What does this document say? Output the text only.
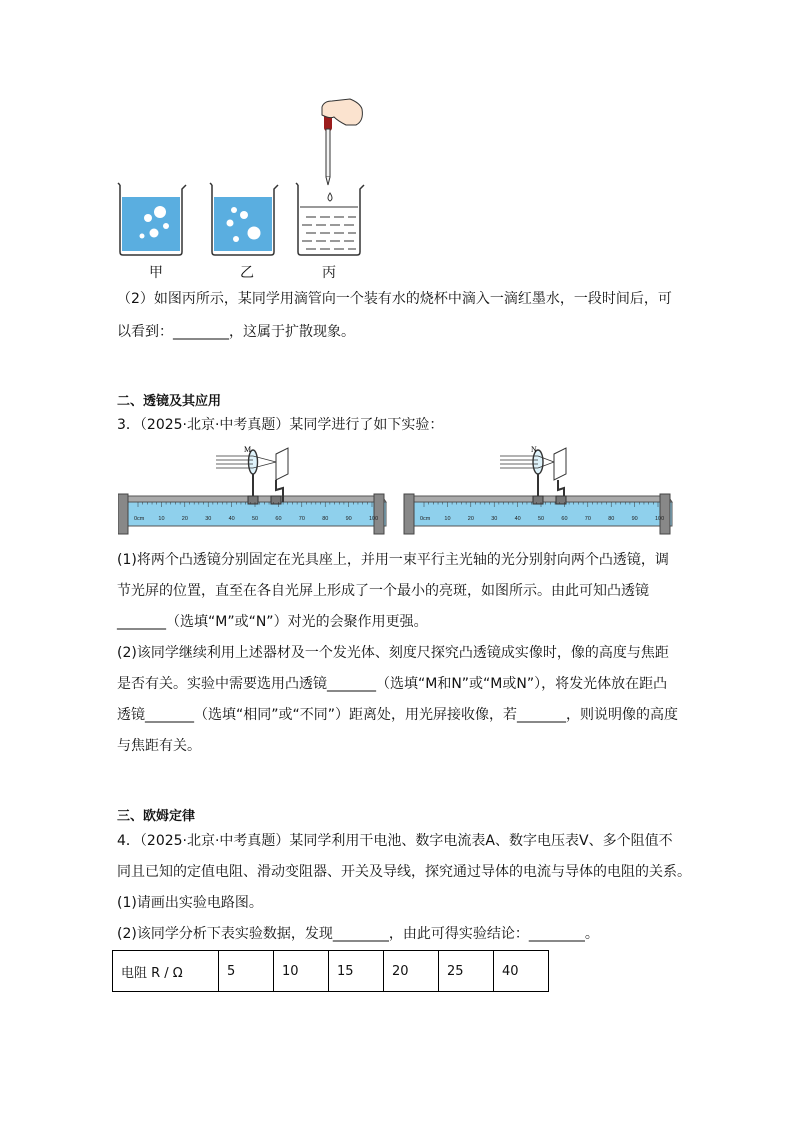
甲	乙	丙
（2）如图丙所示，某同学用滴管向一个装有水的烧杯中滴入一滴红墨水，一段时间后，可
以看到：________，这属于扩散现象。
二、透镜及其应用
3．（2025·北京·中考真题）某同学进行了如下实验：
M	N
0cm	10	20	30	40	50	60	70	80	90	100	0cm	10	20	30	40	50	60	70	80	90	100
(1)将两个凸透镜分别固定在光具座上，并用一束平行主光轴的光分别射向两个凸透镜，调
节光屏的位置，直至在各自光屏上形成了一个最小的亮斑，如图所示。由此可知凸透镜
_______（选填“M”或“N”）对光的会聚作用更强。
(2)该同学继续利用上述器材及一个发光体、刻度尺探究凸透镜成实像时，像的高度与焦距
是否有关。实验中需要选用凸透镜_______（选填“M和N”或“M或N”），将发光体放在距凸
透镜_______（选填“相同”或“不同”）距离处，用光屏接收像，若_______，则说明像的高度
与焦距有关。
三、欧姆定律
4．（2025·北京·中考真题）某同学利用干电池、数字电流表A、数字电压表V、多个阻值不
同且已知的定值电阻、滑动变阻器、开关及导线，探究通过导体的电流与导体的电阻的关系。
(1)请画出实验电路图。
(2)该同学分析下表实验数据，发现________，由此可得实验结论：________。
电阻 R / Ω	5	10	15	20	25	40
